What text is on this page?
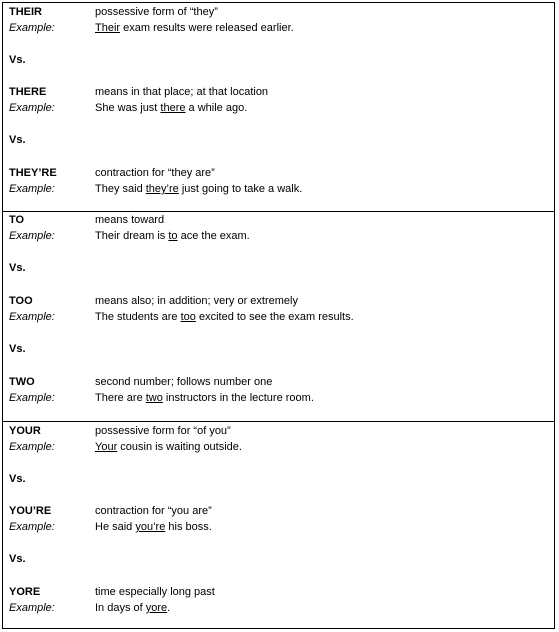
THEIR	possessive form of “they”
Example:	Their exam results were released earlier.
Vs.
THERE	means in that place; at that location
Example:	She was just there a while ago.
Vs.
THEY’RE	contraction for “they are”
Example:	They said they’re just going to take a walk.
TO	means toward
Example:	Their dream is to ace the exam.
Vs.
TOO	means also; in addition; very or extremely
Example:	The students are too excited to see the exam results.
Vs.
TWO	second number; follows number one
Example:	There are two instructors in the lecture room.
YOUR	possessive form for “of you”
Example:	Your cousin is waiting outside.
Vs.
YOU’RE	contraction for “you are”
Example:	He said you’re his boss.
Vs.
YORE	time especially long past
Example:	In days of yore.
